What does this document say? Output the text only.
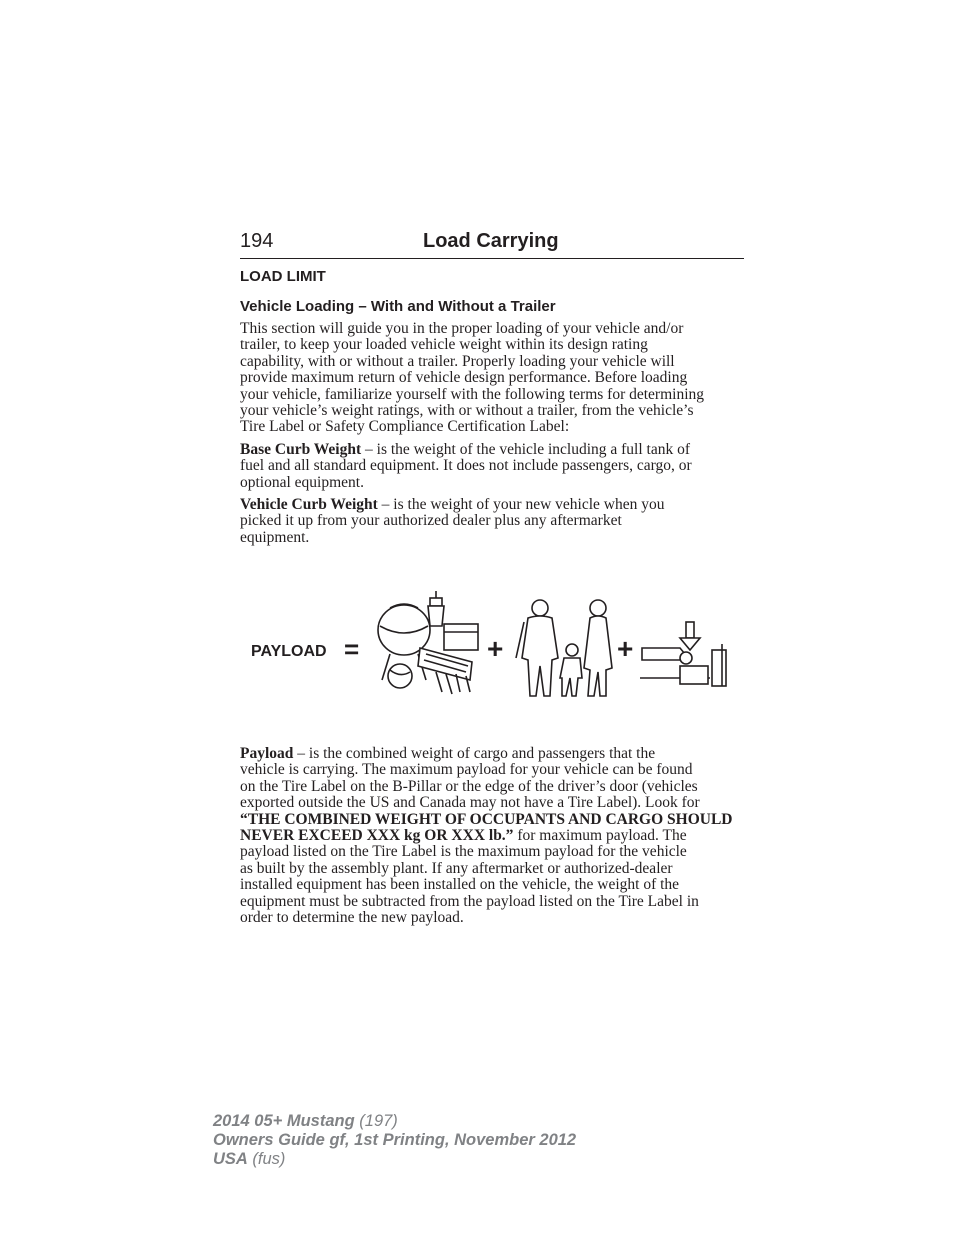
194	Load Carrying
LOAD LIMIT
Vehicle Loading – With and Without a Trailer

This section will guide you in the proper loading of your vehicle and/or
trailer, to keep your loaded vehicle weight within its design rating
capability, with or without a trailer. Properly loading your vehicle will
provide maximum return of vehicle design performance. Before loading
your vehicle, familiarize yourself with the following terms for determining
your vehicle’s weight ratings, with or without a trailer, from the vehicle’s
Tire Label or Safety Compliance Certification Label:

Base Curb Weight – is the weight of the vehicle including a full tank of
fuel and all standard equipment. It does not include passengers, cargo, or
optional equipment.

Vehicle Curb Weight – is the weight of your new vehicle when you
picked it up from your authorized dealer plus any aftermarket
equipment.

PAYLOAD =	+	+

Payload – is the combined weight of cargo and passengers that the
vehicle is carrying. The maximum payload for your vehicle can be found
on the Tire Label on the B-Pillar or the edge of the driver’s door (vehicles
exported outside the US and Canada may not have a Tire Label). Look for
“THE COMBINED WEIGHT OF OCCUPANTS AND CARGO SHOULD
NEVER EXCEED XXX kg OR XXX lb.” for maximum payload. The
payload listed on the Tire Label is the maximum payload for the vehicle
as built by the assembly plant. If any aftermarket or authorized-dealer
installed equipment has been installed on the vehicle, the weight of the
equipment must be subtracted from the payload listed on the Tire Label in
order to determine the new payload.

2014 05+ Mustang (197)
Owners Guide gf, 1st Printing, November 2012
USA (fus)
